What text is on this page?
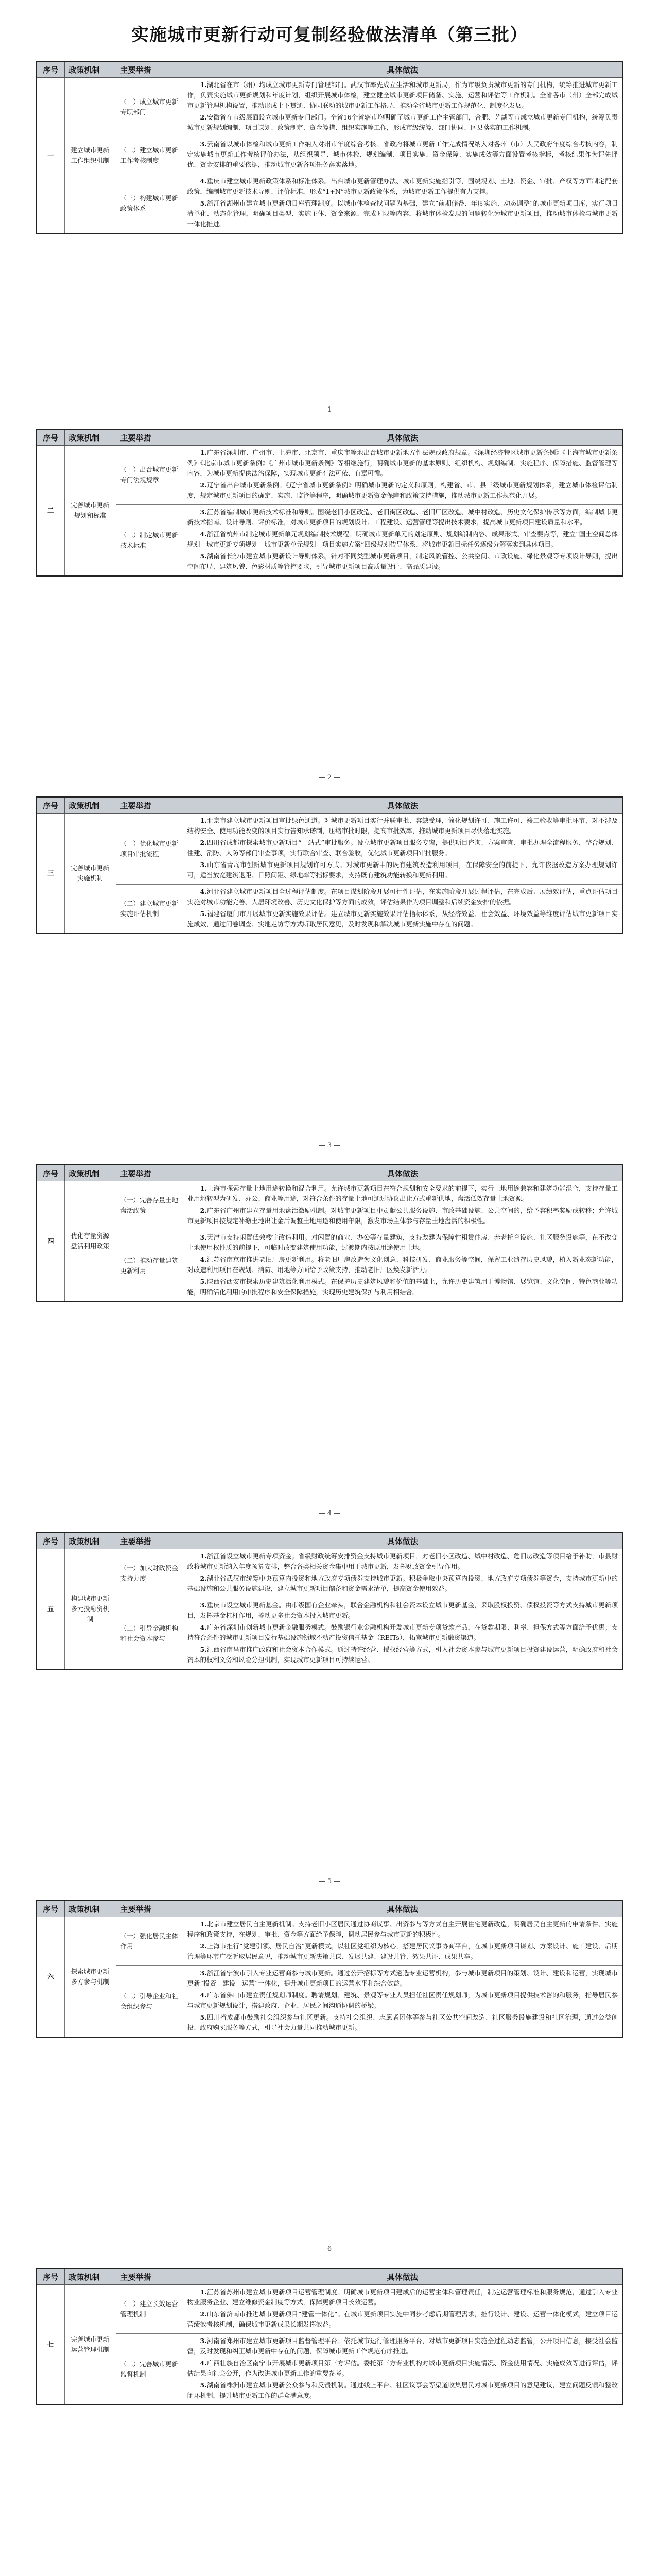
实施城市更新行动可复制经验做法清单（第三批）
序号	政策机制	主要举措	具体做法
一	建立城市更新工作组织机制	（一）成立城市更新专职部门	1.湖北省在市（州）均成立城市更新专门管理部门。武汉市率先成立生活和城市更新局，作为市级负责城市更新的专门机构，统筹推进城市更新工作，负责实施城市更新规划和年度计划，组织开展城市体检，建立健全城市更新项目储备、实施、运营和评估等工作机制。全省各市（州）全部完成城市更新管理机构设置，推动形成上下贯通、协同联动的城市更新工作格局，推动全省城市更新工作规范化、制度化发展。

2.安徽省在市级层面设立城市更新专门部门。全省16个省辖市均明确了城市更新工作主管部门，合肥、芜湖等市成立城市更新专门机构，统筹负责城市更新规划编制、项目谋划、政策制定、资金筹措、组织实施等工作，形成市级统筹、部门协同、区县落实的工作机制。

		（二）建立城市更新工作考核制度	3.云南省以城市体检和城市更新工作纳入对州市年度综合考核。省政府将城市更新工作完成情况纳入对各州（市）人民政府年度综合考核内容，制定实施城市更新工作考核评价办法，从组织领导、城市体检、规划编制、项目实施、资金保障、实施成效等方面设置考核指标，考核结果作为评先评优、资金安排的重要依据，推动城市更新各项任务落实落地。

		（三）构建城市更新政策体系	4.重庆市建立城市更新政策体系和标准体系。出台城市更新管理办法、城市更新实施指引等，围绕规划、土地、资金、审批、产权等方面制定配套政策，编制城市更新技术导则、评价标准，形成“1+N”城市更新政策体系，为城市更新工作提供有力支撑。

5.浙江省湖州市建立城市更新项目库管理制度。以城市体检查找问题为基础，建立“前期储备、年度实施、动态调整”的城市更新项目库，实行项目清单化、动态化管理，明确项目类型、实施主体、资金来源、完成时限等内容，将城市体检发现的问题转化为城市更新项目，推动城市体检与城市更新一体化推进。

— 1 —
序号	政策机制	主要举措	具体做法
二	完善城市更新规划和标准	（一）出台城市更新专门法规规章	1.广东省深圳市、广州市、上海市、北京市、重庆市等地出台城市更新地方性法规或政府规章。《深圳经济特区城市更新条例》《上海市城市更新条例》《北京市城市更新条例》《广州市城市更新条例》等相继施行，明确城市更新的基本原则、组织机构、规划编制、实施程序、保障措施、监督管理等内容，为城市更新提供法治保障，实现城市更新有法可依、有章可循。

2.辽宁省出台城市更新条例。《辽宁省城市更新条例》明确城市更新的定义和原则，构建省、市、县三级城市更新规划体系，建立城市体检评估制度，规定城市更新项目的确定、实施、监管等程序，明确城市更新资金保障和政策支持措施，推动城市更新工作规范化开展。

		（二）制定城市更新技术标准	3.江苏省编制城市更新技术标准和导则。围绕老旧小区改造、老旧街区改造、老旧厂区改造、城中村改造、历史文化保护传承等方面，编制城市更新技术指南、设计导则、评价标准，对城市更新项目的规划设计、工程建设、运营管理等提出技术要求，提高城市更新项目建设质量和水平。

4.浙江省杭州市制定城市更新单元规划编制技术规程。明确城市更新单元的划定原则、规划编制内容、成果形式、审查要点等，建立“国土空间总体规划—城市更新专项规划—城市更新单元规划—项目实施方案”四级规划传导体系，将城市更新目标任务逐级分解落实到具体项目。

5.湖南省长沙市建立城市更新设计导则体系。针对不同类型城市更新项目，制定风貌管控、公共空间、市政设施、绿化景观等专项设计导则，提出空间布局、建筑风貌、色彩材质等管控要求，引导城市更新项目高质量设计、高品质建设。

— 2 —
序号	政策机制	主要举措	具体做法
三	完善城市更新实施机制	（一）优化城市更新项目审批流程	1.北京市建立城市更新项目审批绿色通道。对城市更新项目实行并联审批、容缺受理，简化规划许可、施工许可、竣工验收等审批环节，对不涉及结构安全、使用功能改变的项目实行告知承诺制，压缩审批时限，提高审批效率，推动城市更新项目尽快落地实施。

2.四川省成都市探索城市更新项目“一站式”审批服务。设立城市更新项目服务专窗，提供项目咨询、方案审查、审批办理全流程服务，整合规划、住建、消防、人防等部门审查事项，实行联合审查、联合验收，优化城市更新项目审批服务。

3.山东省青岛市创新城市更新项目规划许可方式。对城市更新中的既有建筑改造利用项目，在保障安全的前提下，允许依据改造方案办理规划许可，适当放宽建筑退距、日照间距、绿地率等指标要求，支持既有建筑功能转换和更新利用。

		（二）建立城市更新实施评估机制	4.河北省建立城市更新项目全过程评估制度。在项目谋划阶段开展可行性评估，在实施阶段开展过程评估，在完成后开展绩效评估，重点评估项目实施对城市功能完善、人居环境改善、历史文化保护等方面的成效，评估结果作为项目调整和后续资金安排的依据。

5.福建省厦门市开展城市更新实施效果评估。建立城市更新实施效果评估指标体系，从经济效益、社会效益、环境效益等维度评估城市更新项目实施成效，通过问卷调查、实地走访等方式听取居民意见，及时发现和解决城市更新实施中存在的问题。

— 3 —
序号	政策机制	主要举措	具体做法
四	优化存量资源盘活利用政策	（一）完善存量土地盘活政策	1.上海市探索存量土地用途转换和混合利用。允许城市更新项目在符合规划和安全要求的前提下，实行土地用途兼容和建筑功能混合，支持存量工业用地转型为研发、办公、商业等用途，对符合条件的存量土地可通过协议出让方式重新供地，盘活低效存量土地资源。

2.广东省广州市建立存量用地盘活激励机制。对城市更新项目中贡献公共服务设施、市政基础设施、公共空间的，给予容积率奖励或转移；允许城市更新项目按规定补缴土地出让金后调整土地用途和使用年限，激发市场主体参与存量土地盘活的积极性。

		（二）推动存量建筑更新利用	3.天津市支持闲置低效楼宇改造利用。对闲置的商业、办公等存量建筑，支持改建为保障性租赁住房、养老托育设施、社区服务设施等，在不改变土地使用权性质的前提下，可临时改变建筑使用功能，过渡期内按原用途使用土地。

4.江苏省南京市推进老旧厂房更新利用。将老旧厂房改造为文化创意、科技研发、商业服务等空间，保留工业遗存历史风貌，植入新业态新功能，对改造利用项目在规划、消防、用地等方面给予政策支持，推动老旧厂区焕发新活力。

5.陕西省西安市探索历史建筑活化利用模式。在保护历史建筑风貌和价值的基础上，允许历史建筑用于博物馆、展览馆、文化空间、特色商业等功能，明确活化利用的审批程序和安全保障措施，实现历史建筑保护与利用相结合。

— 4 —
序号	政策机制	主要举措	具体做法
五	构建城市更新多元投融资机制	（一）加大财政资金支持力度	1.浙江省设立城市更新专项资金。省级财政统筹安排资金支持城市更新项目，对老旧小区改造、城中村改造、危旧房改造等项目给予补助，市县财政将城市更新纳入年度预算安排，整合各类相关资金集中用于城市更新，发挥财政资金引导作用。

2.湖北省武汉市统筹中央预算内投资和地方政府专项债券支持城市更新。积极争取中央预算内投资、地方政府专项债券等资金，支持城市更新中的基础设施和公共服务设施建设，建立城市更新项目储备和资金需求清单，提高资金使用效益。

		（二）引导金融机构和社会资本参与	3.重庆市设立城市更新基金。由市级国有企业牵头，联合金融机构和社会资本设立城市更新基金，采取股权投资、债权投资等方式支持城市更新项目，发挥基金杠杆作用，撬动更多社会资本投入城市更新。

4.广东省深圳市创新城市更新金融服务模式。鼓励银行业金融机构开发城市更新专项贷款产品，在贷款期限、利率、担保方式等方面给予优惠；支持符合条件的城市更新项目发行基础设施领域不动产投资信托基金（REITs），拓宽城市更新融资渠道。

5.江西省南昌市推广政府和社会资本合作模式。通过特许经营、授权经营等方式，引入社会资本参与城市更新项目投资建设运营，明确政府和社会资本的权利义务和风险分担机制，实现城市更新项目可持续运营。

— 5 —
序号	政策机制	主要举措	具体做法
六	探索城市更新多方参与机制	（一）强化居民主体作用	1.北京市建立居民自主更新机制。支持老旧小区居民通过协商议事、出资参与等方式自主开展住宅更新改造，明确居民自主更新的申请条件、实施程序和政策支持，在规划、审批、资金等方面给予保障，调动居民参与城市更新的积极性。

2.上海市推行“党建引领、居民自治”更新模式。以社区党组织为核心，搭建居民议事协商平台，在城市更新项目谋划、方案设计、施工建设、后期管理等环节广泛听取居民意见，推动城市更新决策共谋、发展共建、建设共管、效果共评、成果共享。

		（二）引导企业和社会组织参与	3.浙江省宁波市引入专业运营商参与城市更新。通过公开招标等方式遴选专业运营机构，参与城市更新项目的策划、设计、建设和运营，实现城市更新“投资—建设—运营”一体化，提升城市更新项目的运营水平和综合效益。

4.广东省佛山市建立责任规划师制度。聘请规划、建筑、景观等专业人员担任社区责任规划师，为城市更新项目提供技术咨询和服务，指导居民参与城市更新规划设计，搭建政府、企业、居民之间沟通协调的桥梁。

5.四川省成都市鼓励社会组织参与社区更新。支持社会组织、志愿者团体等参与社区公共空间改造、社区服务设施建设和社区治理，通过公益创投、政府购买服务等方式，引导社会力量共同推动城市更新。

— 6 —
序号	政策机制	主要举措	具体做法
七	完善城市更新运营管理机制	（一）建立长效运营管理机制	1.江苏省苏州市建立城市更新项目运营管理制度。明确城市更新项目建成后的运营主体和管理责任，制定运营管理标准和服务规范，通过引入专业物业服务企业、建立维修资金制度等方式，保障更新项目长效运营。

2.山东省济南市推进城市更新项目“建管一体化”。在城市更新项目实施中同步考虑后期管理需求，推行设计、建设、运营一体化模式，建立项目运营绩效考核机制，确保城市更新成果长期发挥效益。

		（二）完善城市更新监督机制	3.河南省郑州市建立城市更新项目监督管理平台。依托城市运行管理服务平台，对城市更新项目实施全过程动态监管，公开项目信息，接受社会监督，及时发现和纠正城市更新中存在的问题，保障城市更新工作规范有序推进。

4.广西壮族自治区南宁市开展城市更新项目第三方评估。委托第三方专业机构对城市更新项目实施情况、资金使用情况、实施成效等进行评估，评估结果向社会公开，作为改进城市更新工作的重要参考。

5.湖南省株洲市建立城市更新公众参与和反馈机制。通过线上平台、社区议事会等渠道收集居民对城市更新项目的意见建议，建立问题反馈和整改闭环机制，提升城市更新工作的群众满意度。
